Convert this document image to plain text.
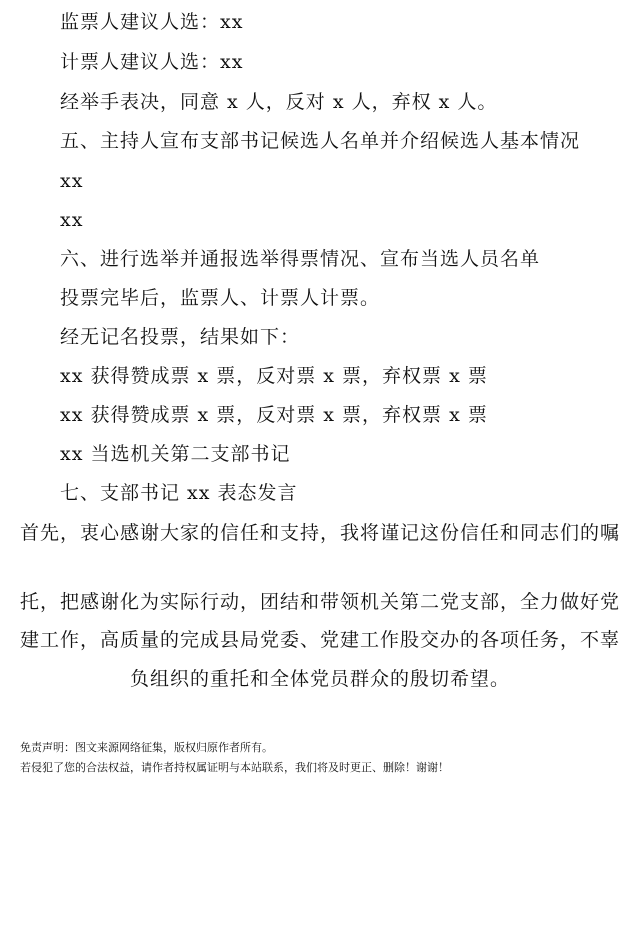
监票人建议人选：xx
计票人建议人选：xx
经举手表决，同意 x 人，反对 x 人，弃权 x 人。
五、主持人宣布支部书记候选人名单并介绍候选人基本情况
xx
xx
六、进行选举并通报选举得票情况、宣布当选人员名单
投票完毕后，监票人、计票人计票。
经无记名投票，结果如下：
xx 获得赞成票 x 票，反对票 x 票，弃权票 x 票
xx 获得赞成票 x 票，反对票 x 票，弃权票 x 票
xx 当选机关第二支部书记
七、支部书记 xx 表态发言
首先，衷心感谢大家的信任和支持，我将谨记这份信任和同志们的嘱
托，把感谢化为实际行动，团结和带领机关第二党支部，全力做好党
建工作，高质量的完成县局党委、党建工作股交办的各项任务，不辜
负组织的重托和全体党员群众的殷切希望。
免责声明：图文来源网络征集，版权归原作者所有。
若侵犯了您的合法权益，请作者持权属证明与本站联系，我们将及时更正、删除！谢谢！
